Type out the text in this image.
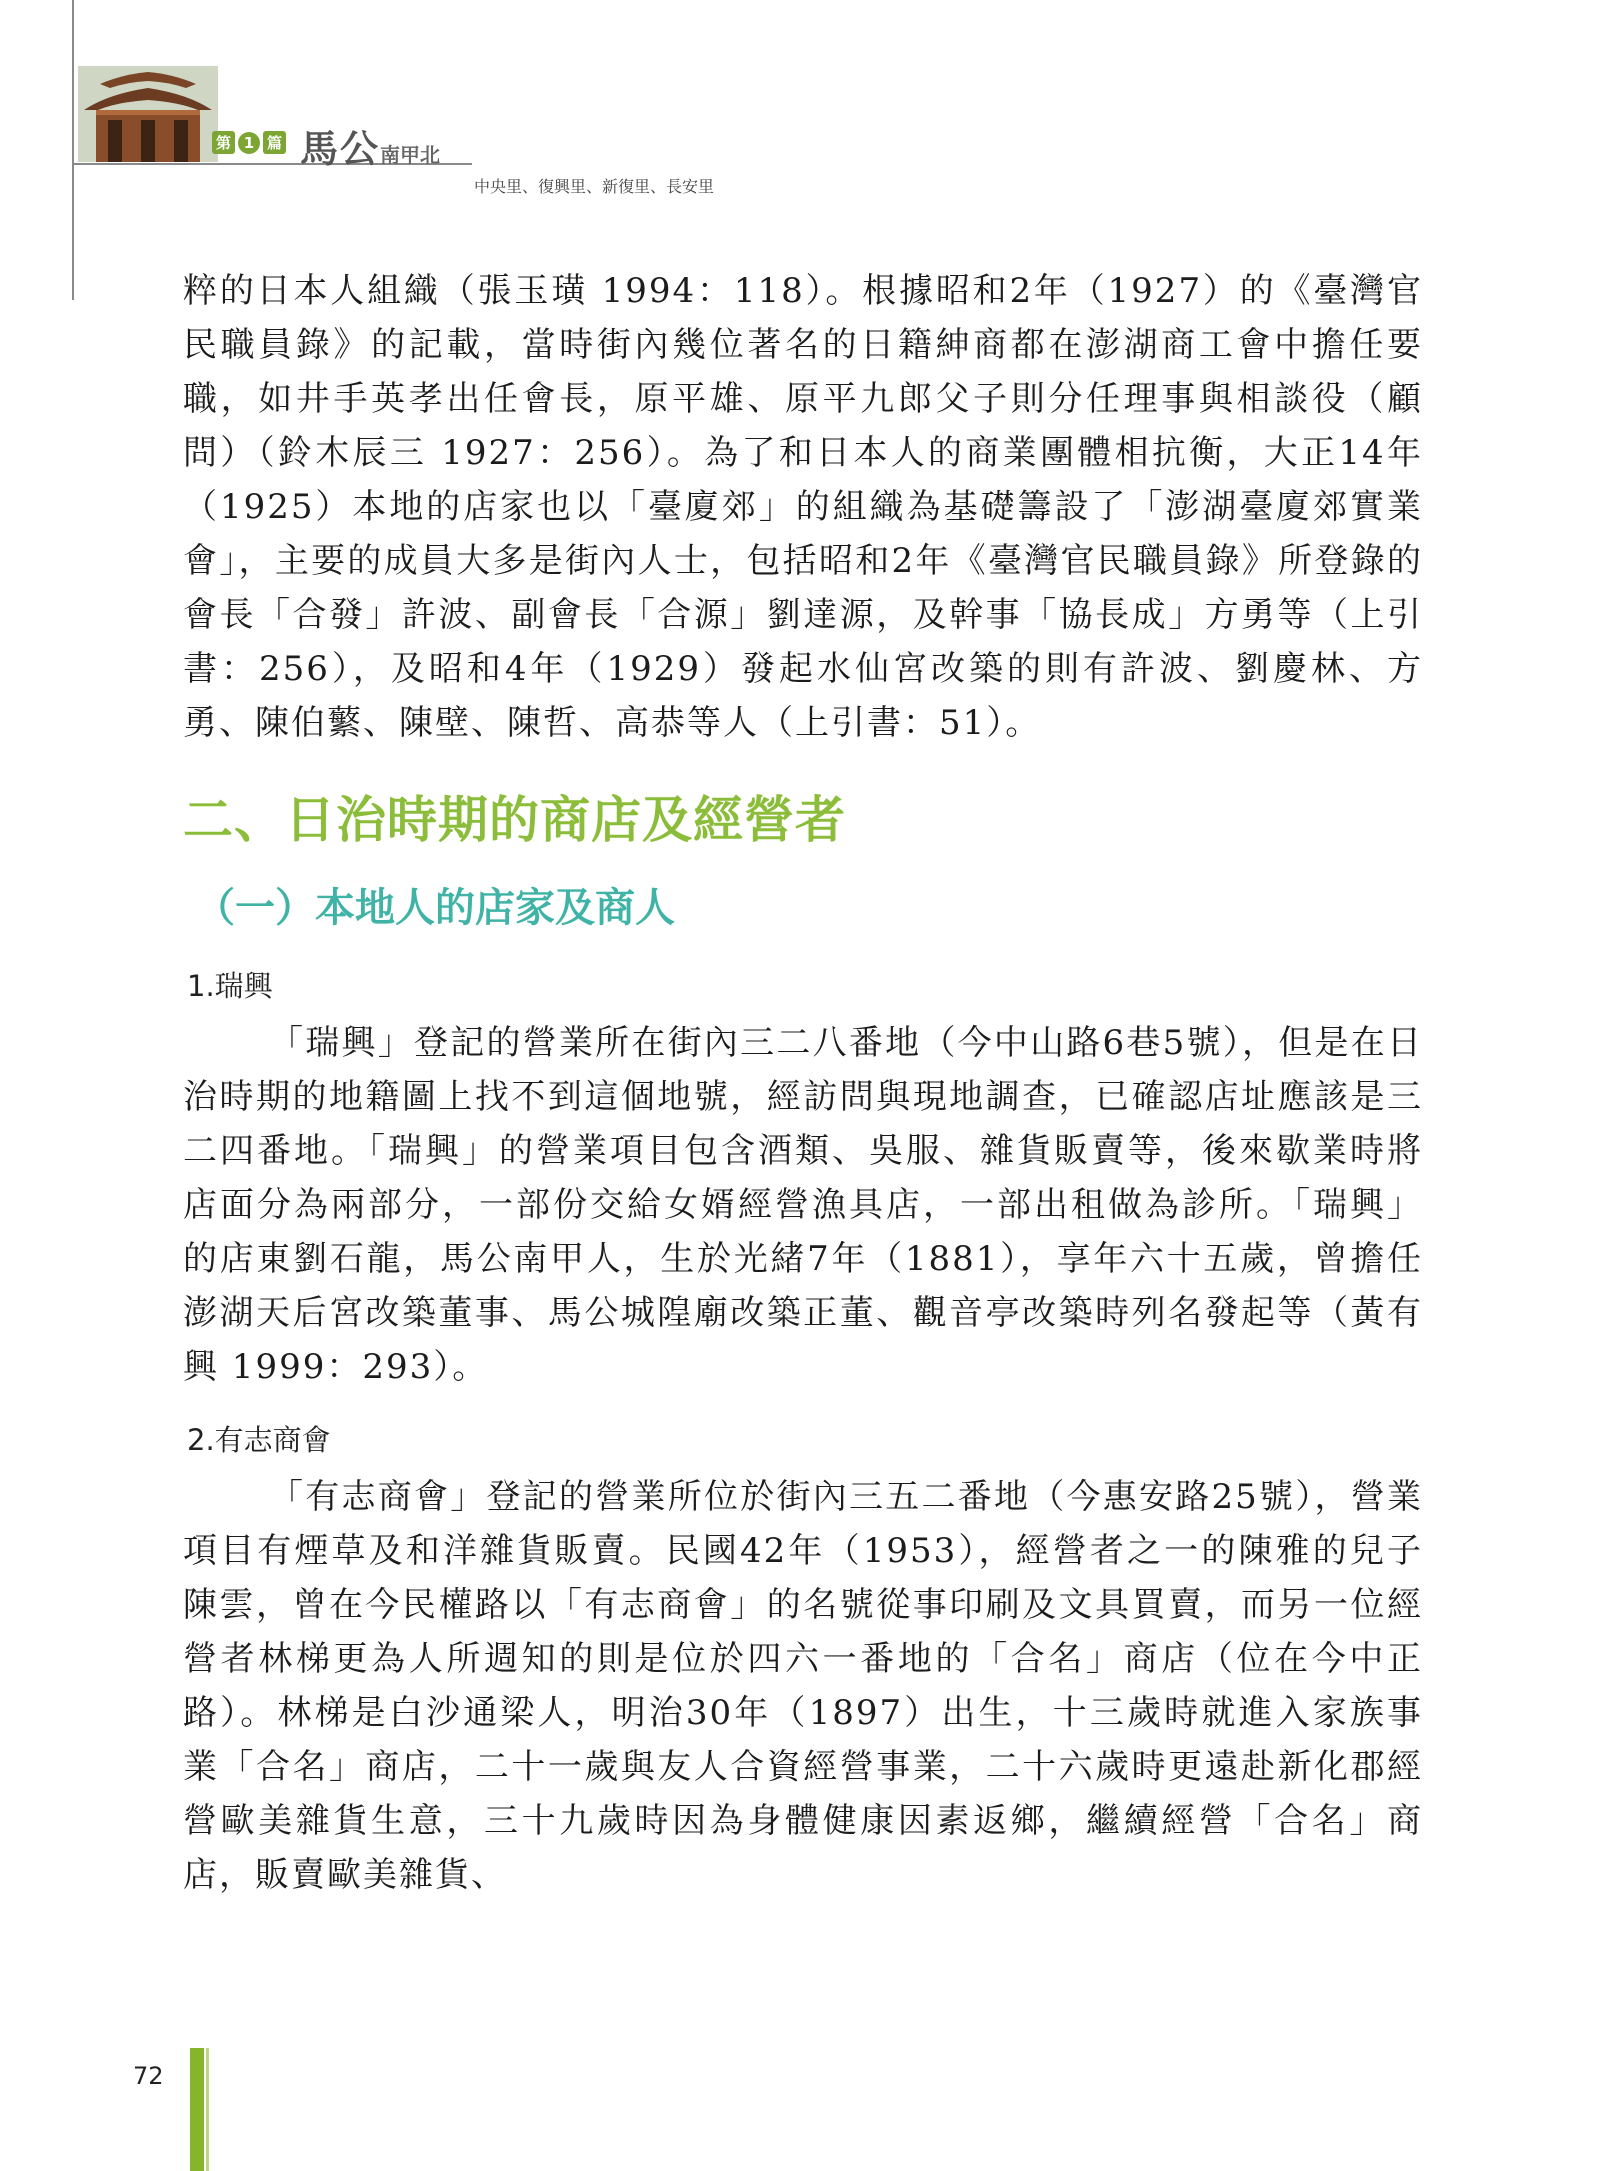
第 1 篇 馬公南甲北
中央里、復興里、新復里、長安里

粹的日本人組織（張玉璜 1994：118）。根據昭和2年（1927）的《臺灣官民職員錄》的記載，當時街內幾位著名的日籍紳商都在澎湖商工會中擔任要職，如井手英孝出任會長，原平雄、原平九郎父子則分任理事與相談役（顧問）（鈴木辰三 1927：256）。為了和日本人的商業團體相抗衡，大正14年（1925）本地的店家也以「臺廈郊」的組織為基礎籌設了「澎湖臺廈郊實業會」，主要的成員大多是街內人士，包括昭和2年《臺灣官民職員錄》所登錄的會長「合發」許波、副會長「合源」劉達源，及幹事「協長成」方勇等（上引書：256），及昭和4年（1929）發起水仙宮改築的則有許波、劉慶林、方勇、陳伯蘩、陳壁、陳哲、高恭等人（上引書：51）。

二、日治時期的商店及經營者
（一）本地人的店家及商人
1.瑞興

「瑞興」登記的營業所在街內三二八番地（今中山路6巷5號），但是在日治時期的地籍圖上找不到這個地號，經訪問與現地調查，已確認店址應該是三二四番地。「瑞興」的營業項目包含酒類、吳服、雜貨販賣等，後來歇業時將店面分為兩部分，一部份交給女婿經營漁具店，一部出租做為診所。「瑞興」的店東劉石龍，馬公南甲人，生於光緒7年（1881），享年六十五歲，曾擔任澎湖天后宮改築董事、馬公城隍廟改築正董、觀音亭改築時列名發起等（黃有興 1999：293）。

2.有志商會

「有志商會」登記的營業所位於街內三五二番地（今惠安路25號），營業項目有煙草及和洋雜貨販賣。民國42年（1953），經營者之一的陳雅的兒子陳雲，曾在今民權路以「有志商會」的名號從事印刷及文具買賣，而另一位經營者林梯更為人所週知的則是位於四六一番地的「合名」商店（位在今中正路）。林梯是白沙通梁人，明治30年（1897）出生，十三歲時就進入家族事業「合名」商店，二十一歲與友人合資經營事業，二十六歲時更遠赴新化郡經營歐美雜貨生意，三十九歲時因為身體健康因素返鄉，繼續經營「合名」商店，販賣歐美雜貨、

72
